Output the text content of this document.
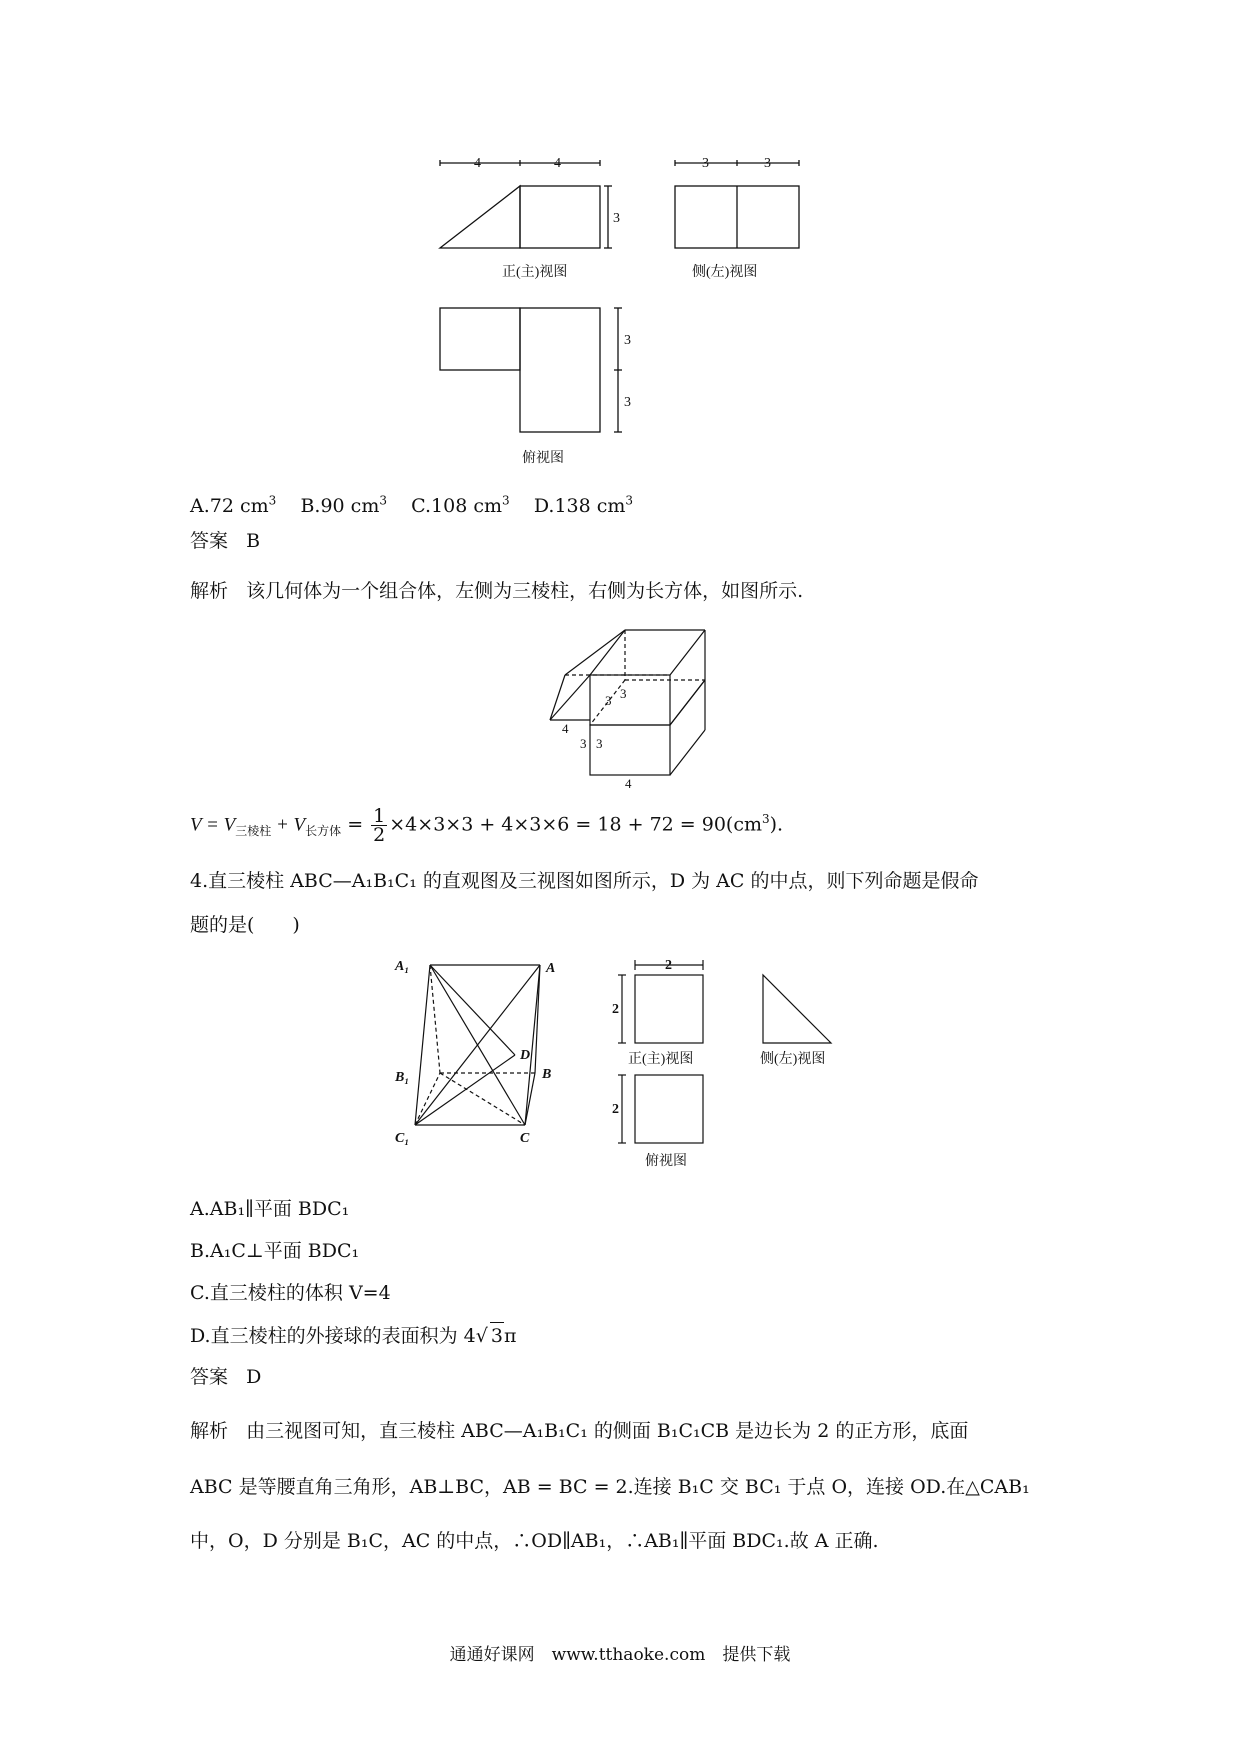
4	4
3
正(主)视图
3	3
侧(左)视图
3
3
俯视图
A.72 $cm^3$ B.90 $cm^3$ C.108 $cm^3$ D.138 $cm^3$
答案 B
解析 该几何体为一个组合体，左侧为三棱柱，右侧为长方体，如图所示.
3 3
4
3 3
4
$V = V_{三棱柱} + V_{长方体} = \frac{1}{2} \times 4\times 3\times 3 + 4\times 3\times 6 = 18 + 72 = 90(cm^3)$.
4.直三棱柱 ABC—A₁B₁C₁ 的直观图及三视图如图所示，D 为 AC 的中点，则下列命题是假命
题的是(　　)
A₁	A
D
B₁	B
C₁	C
2
2
正(主)视图	侧(左)视图
2
俯视图
A.AB₁∥平面 BDC₁
B.A₁C⊥平面 BDC₁
C.直三棱柱的体积 V=4
D.直三棱柱的外接球的表面积为 4√ 3π
答案 D
解析 由三视图可知，直三棱柱 ABC—A₁B₁C₁ 的侧面 B₁C₁CB 是边长为 2 的正方形，底面
ABC 是等腰直角三角形，AB⊥BC，AB = BC = 2.连接 B₁C 交 BC₁ 于点 O，连接 OD.在△CAB₁
中，O，D 分别是 B₁C，AC 的中点，∴OD∥AB₁，∴AB₁∥平面 BDC₁.故 A 正确.
通通好课网　www.tthaoke.com　提供下载
